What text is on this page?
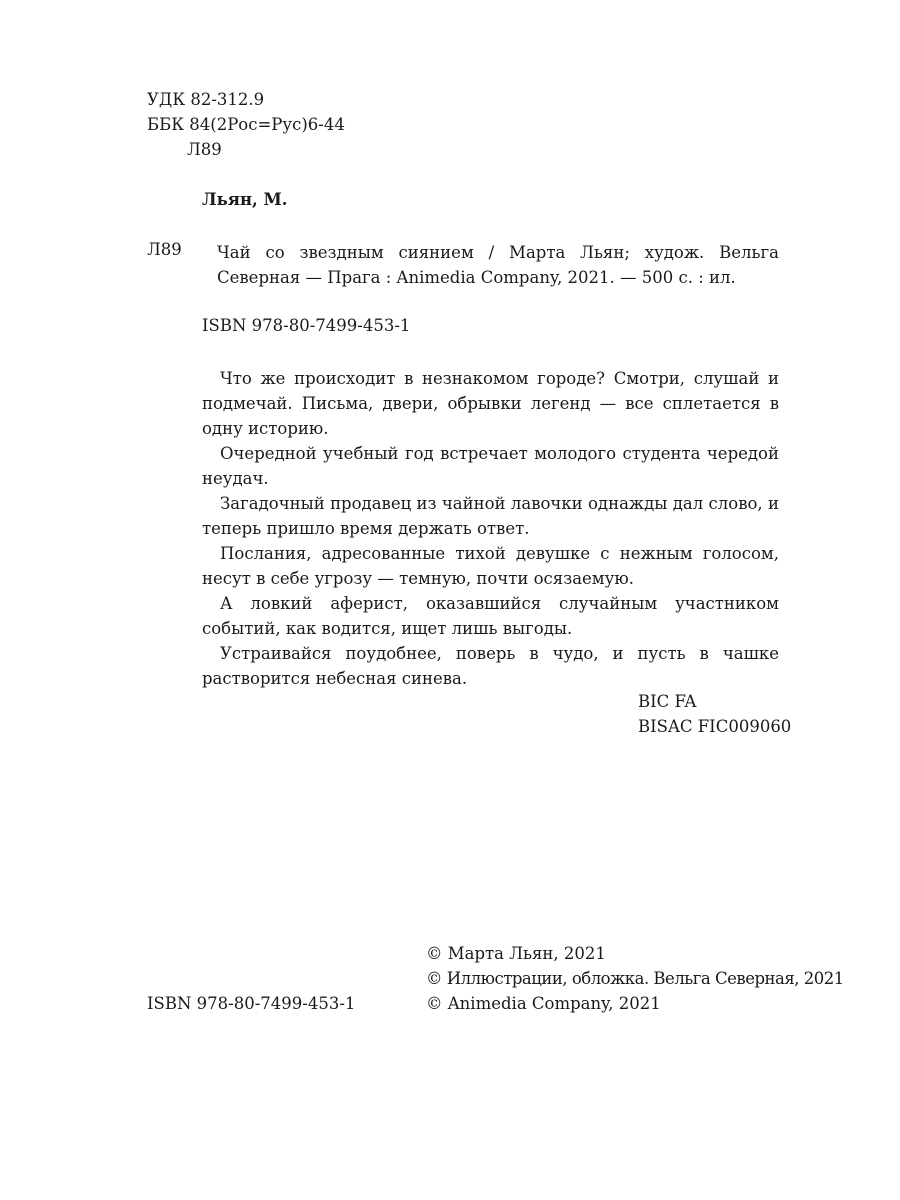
УДК 82-312.9
ББК 84(2Рос=Рус)6-44
Л89
Льян, М.
Л89 Чай со звездным сиянием / Марта Льян; худож. Вельга
Северная — Прага : Animedia Company, 2021. — 500 с. : ил.
ISBN 978-80-7499-453-1

Что же происходит в незнакомом городе? Смотри, слушай и подмечай. Письма, двери, обрывки легенд — все сплетается в одну историю.

Очередной учебный год встречает молодого студента чередой неудач.

Загадочный продавец из чайной лавочки однажды дал слово, и теперь пришло время держать ответ.

Послания, адресованные тихой девушке с нежным голосом, несут в себе угрозу — темную, почти осязаемую.

А ловкий аферист, оказавшийся случайным участником событий, как водится, ищет лишь выгоды.

Устраивайся поудобнее, поверь в чудо, и пусть в чашке растворится небесная синева.

BIC FA
BISAC FIC009060
ISBN 978-80-7499-453-1
© Марта Льян, 2021
© Иллюстрации, обложка. Вельга Северная, 2021
© Animedia Company, 2021
